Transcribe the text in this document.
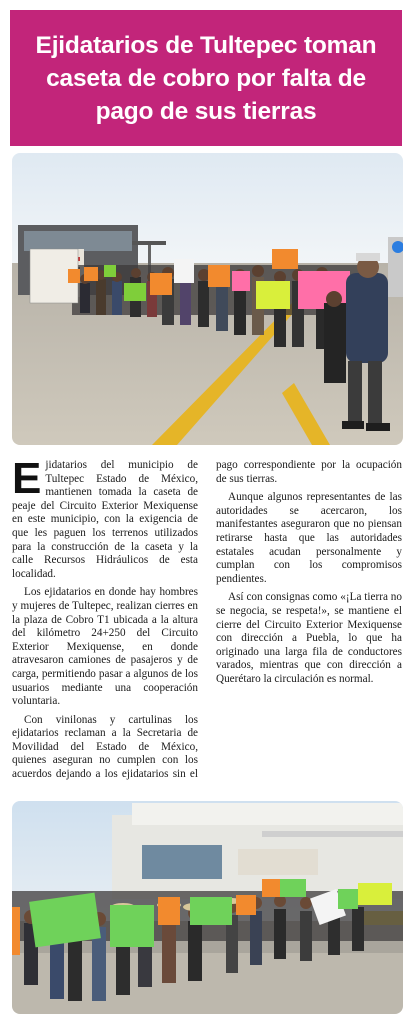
Ejidatarios de Tultepec toman caseta de cobro por falta de pago de sus tierras

Ejidatarios del municipio de Tultepec Estado de México, mantienen tomada la caseta de peaje del Circuito Exterior Mexiquense en este municipio, con la exigencia de que les paguen los terrenos utilizados para la construcción de la caseta y la calle Recursos Hidráulicos de esta localidad.

Los ejidatarios en donde hay hombres y mujeres de Tultepec, realizan cierres en la plaza de Cobro T1 ubicada a la altura del kilómetro 24+250 del Circuito Exterior Mexiquense, en donde atravesaron camiones de pasajeros y de carga, permitiendo pasar a algunos de los usuarios mediante una cooperación voluntaria.

Con vinilonas y cartulinas los ejidatarios reclaman a la Secretaria de Movilidad del Estado de México, quienes aseguran no cumplen con los acuerdos dejando a los ejidatarios sin el pago correspondiente por la ocupación de sus tierras.

Aunque algunos representantes de las autoridades se acercaron, los manifestantes aseguraron que no piensan retirarse hasta que las autoridades estatales acudan personalmente y cumplan con los compromisos pendientes.

Así con consignas como «¡La tierra no se negocia, se respeta!», se mantiene el cierre del Circuito Exterior Mexiquense con dirección a Puebla, lo que ha originado una larga fila de conductores varados, mientras que con dirección a Querétaro la circulación es normal.
